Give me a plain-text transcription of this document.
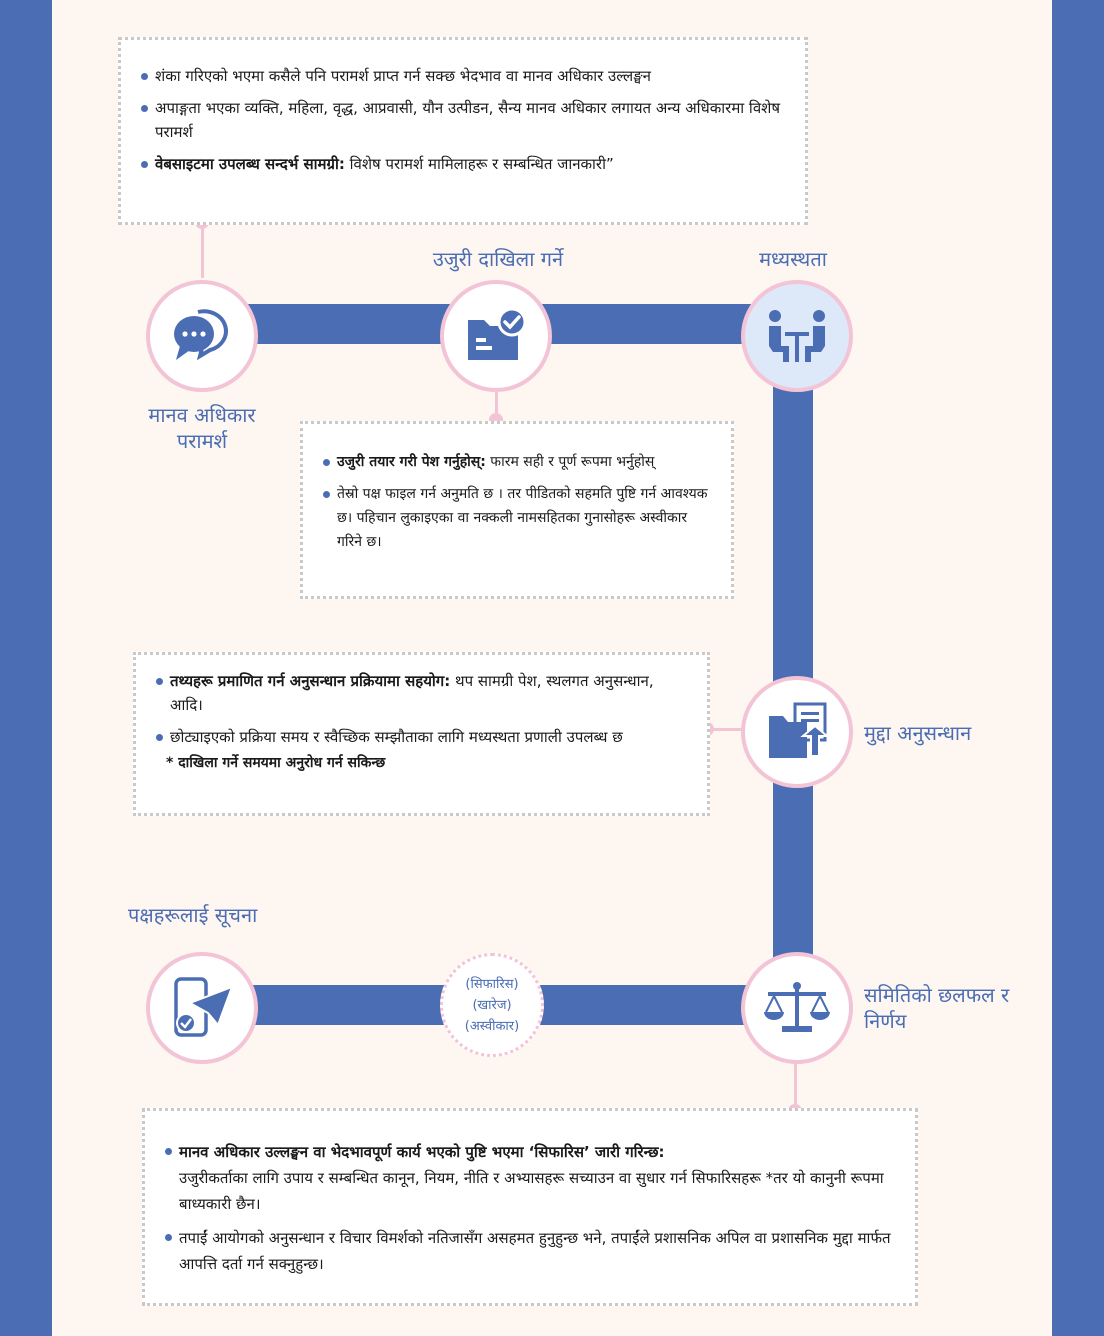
मानव अधिकार परामर्श
उजुरी दाखिला गर्ने	मध्यस्थता
मुद्दा अनुसन्धान
समितिको छलफल र निर्णय
पक्षहरूलाई सूचना
(सिफारिस)
(खारेज)
(अस्वीकार)
शंका गरिएको भएमा कसैले पनि परामर्श प्राप्त गर्न सक्छ भेदभाव वा मानव अधिकार उल्लङ्घन
अपाङ्गता भएका व्यक्ति, महिला, वृद्ध, आप्रवासी, यौन उत्पीडन, सैन्य मानव अधिकार लगायत अन्य अधिकारमा विशेष परामर्श
वेबसाइटमा उपलब्ध सन्दर्भ सामग्री: विशेष परामर्श मामिलाहरू र सम्बन्धित जानकारी”
उजुरी तयार गरी पेश गर्नुहोस्: फारम सही र पूर्ण रूपमा भर्नुहोस्
तेस्रो पक्ष फाइल गर्न अनुमति छ । तर पीडितको सहमति पुष्टि गर्न आवश्यक छ। पहिचान लुकाइएका वा नक्कली नामसहितका गुनासोहरू अस्वीकार गरिने छ।
तथ्यहरू प्रमाणित गर्न अनुसन्धान प्रक्रियामा सहयोग: थप सामग्री पेश, स्थलगत अनुसन्धान, आदि।
छोट्याइएको प्रक्रिया समय र स्वैच्छिक सम्झौताका लागि मध्यस्थता प्रणाली उपलब्ध छ
* दाखिला गर्ने समयमा अनुरोध गर्न सकिन्छ
मानव अधिकार उल्लङ्घन वा भेदभावपूर्ण कार्य भएको पुष्टि भएमा ‘सिफारिस’ जारी गरिन्छ:
उजुरीकर्ताका लागि उपाय र सम्बन्धित कानून, नियम, नीति र अभ्यासहरू सच्याउन वा सुधार गर्न सिफारिसहरू *तर यो कानुनी रूपमा बाध्यकारी छैन।
तपाईं आयोगको अनुसन्धान र विचार विमर्शको नतिजासँग असहमत हुनुहुन्छ भने, तपाईंले प्रशासनिक अपिल वा प्रशासनिक मुद्दा मार्फत आपत्ति दर्ता गर्न सक्नुहुन्छ।
